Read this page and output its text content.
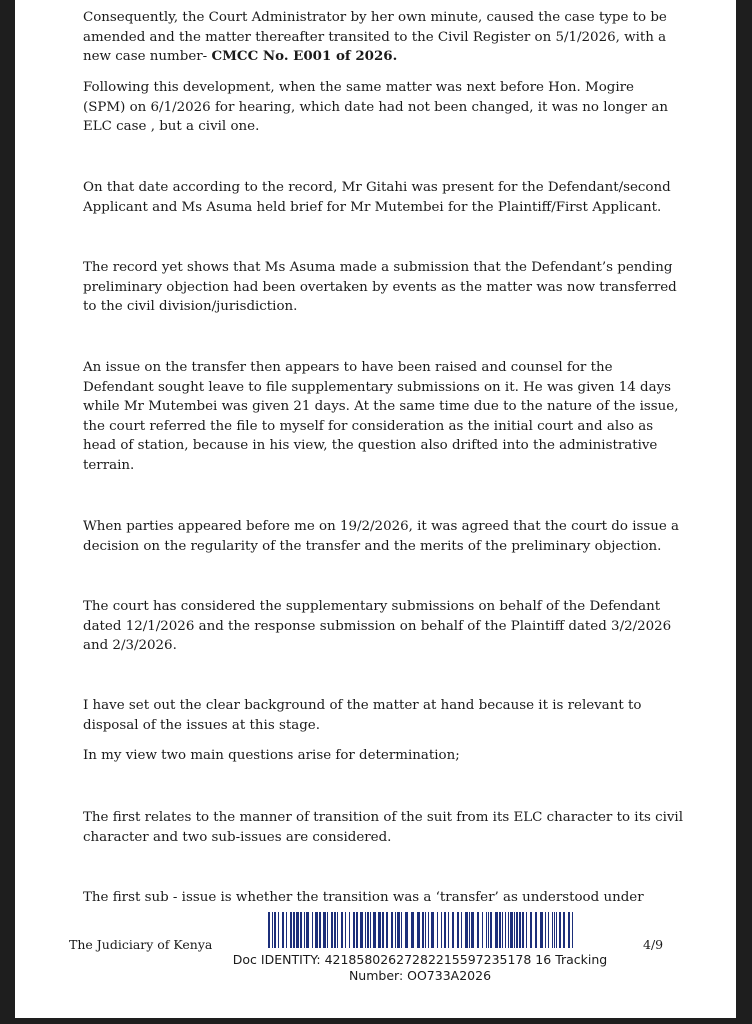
Consequently, the Court Administrator by her own minute, caused the case type to be amended and the matter thereafter transited to the Civil Register on 5/1/2026, with a new case number- CMCC No. E001 of 2026.

Following this development, when the same matter was next before Hon. Mogire
(SPM) on 6/1/2026 for hearing, which date had not been changed, it was no longer an ELC case , but a civil one.

On that date according to the record, Mr Gitahi was present for the Defendant/second Applicant and Ms Asuma held brief for Mr Mutembei for the Plaintiff/First Applicant.

The record yet shows that Ms Asuma made a submission that the Defendant’s pending preliminary objection had been overtaken by events as the matter was now transferred to the civil division/jurisdiction.

An issue on the transfer then appears to have been raised and counsel for the Defendant sought leave to file supplementary submissions on it. He was given 14 days while Mr Mutembei was given 21 days. At the same time due to the nature of the issue, the court referred the file to myself for consideration as the initial court and also as head of station, because in his view, the question also drifted into the administrative terrain.

When parties appeared before me on 19/2/2026, it was agreed that the court do issue a decision on the regularity of the transfer and the merits of the preliminary objection.

The court has considered the supplementary submissions on behalf of the Defendant dated 12/1/2026 and the response submission on behalf of the Plaintiff dated 3/2/2026 and 2/3/2026.

I have set out the clear background of the matter at hand because it is relevant to disposal of the issues at this stage.

In my view two main questions arise for determination;

The first relates to the manner of transition of the suit from its ELC character to its civil character and two sub-issues are considered.

The first sub - issue is whether the transition was a ‘transfer’ as understood under

The Judiciary of Kenya	4/9
Doc IDENTITY: 42185802627282215597235178 16 Tracking
Number: OO733A2026
